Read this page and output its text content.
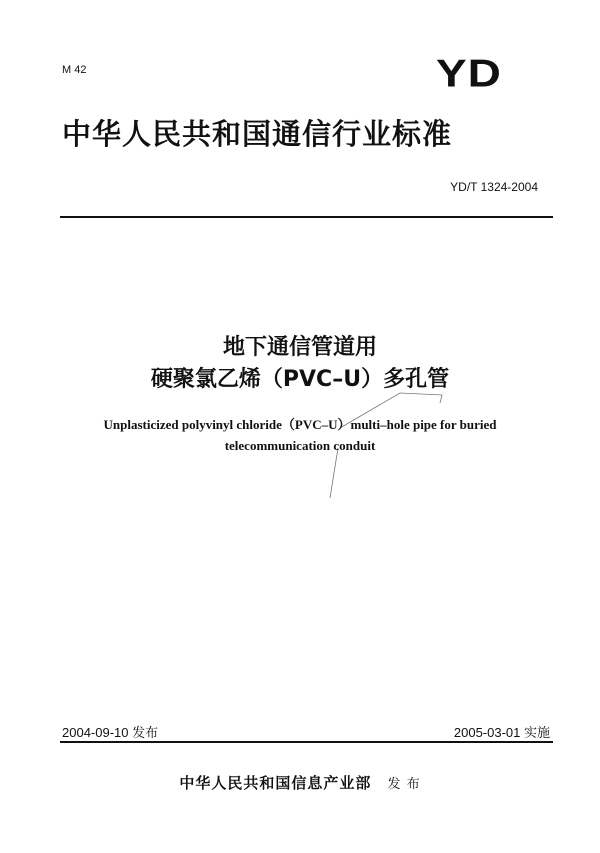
M 42	YD
中华人民共和国通信行业标准
YD/T 1324-2004
地下通信管道用
硬聚氯乙烯（PVC–U）多孔管
Unplasticized polyvinyl chloride（PVC–U）multi–hole pipe for buried
telecommunication conduit
2004-09-10 发布	2005-03-01 实施
中华人民共和国信息产业部 发 布
